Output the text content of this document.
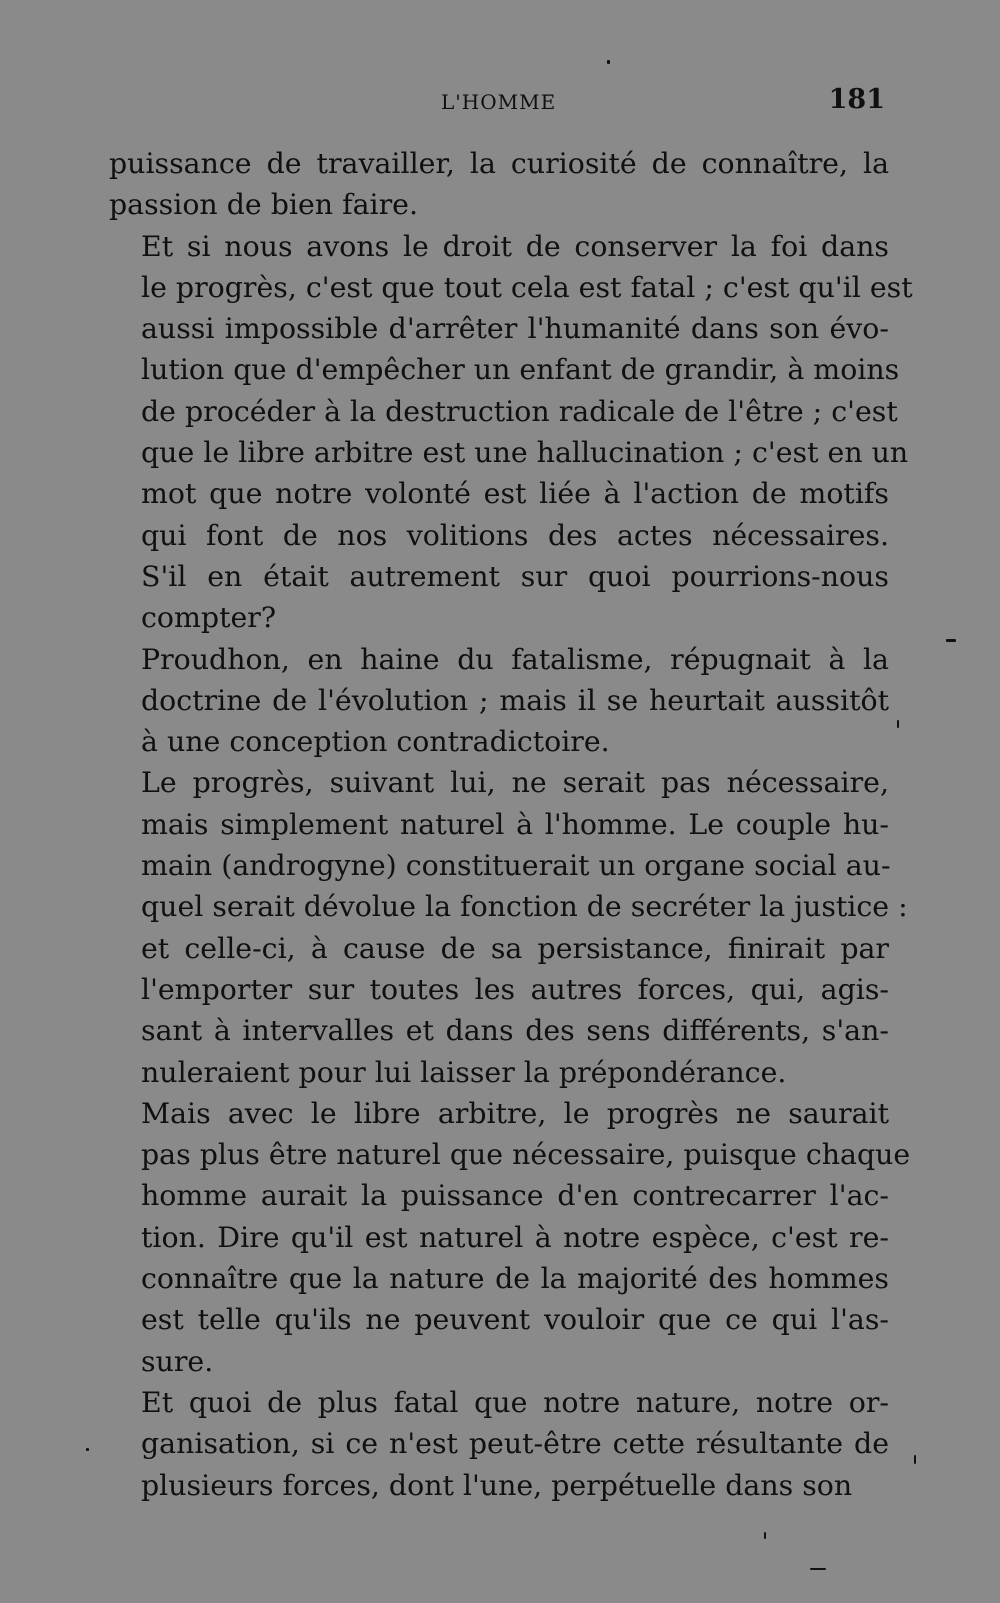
L'HOMME	181

puissance de travailler, la curiosité de connaître, la
passion de bien faire.

Et si nous avons le droit de conserver la foi dans
le progrès, c'est que tout cela est fatal ; c'est qu'il est
aussi impossible d'arrêter l'humanité dans son évo-
lution que d'empêcher un enfant de grandir, à moins
de procéder à la destruction radicale de l'être ; c'est
que le libre arbitre est une hallucination ; c'est en un
mot que notre volonté est liée à l'action de motifs
qui font de nos volitions des actes nécessaires.
S'il en était autrement sur quoi pourrions-nous
compter?

Proudhon, en haine du fatalisme, répugnait à la
doctrine de l'évolution ; mais il se heurtait aussitôt
à une conception contradictoire.

Le progrès, suivant lui, ne serait pas nécessaire,
mais simplement naturel à l'homme. Le couple hu-
main (androgyne) constituerait un organe social au-
quel serait dévolue la fonction de secréter la justice :
et celle-ci, à cause de sa persistance, finirait par
l'emporter sur toutes les autres forces, qui, agis-
sant à intervalles et dans des sens différents, s'an-
nuleraient pour lui laisser la prépondérance.

Mais avec le libre arbitre, le progrès ne saurait
pas plus être naturel que nécessaire, puisque chaque
homme aurait la puissance d'en contrecarrer l'ac-
tion. Dire qu'il est naturel à notre espèce, c'est re-
connaître que la nature de la majorité des hommes
est telle qu'ils ne peuvent vouloir que ce qui l'as-
sure.

Et quoi de plus fatal que notre nature, notre or-
ganisation, si ce n'est peut-être cette résultante de
plusieurs forces, dont l'une, perpétuelle dans son
